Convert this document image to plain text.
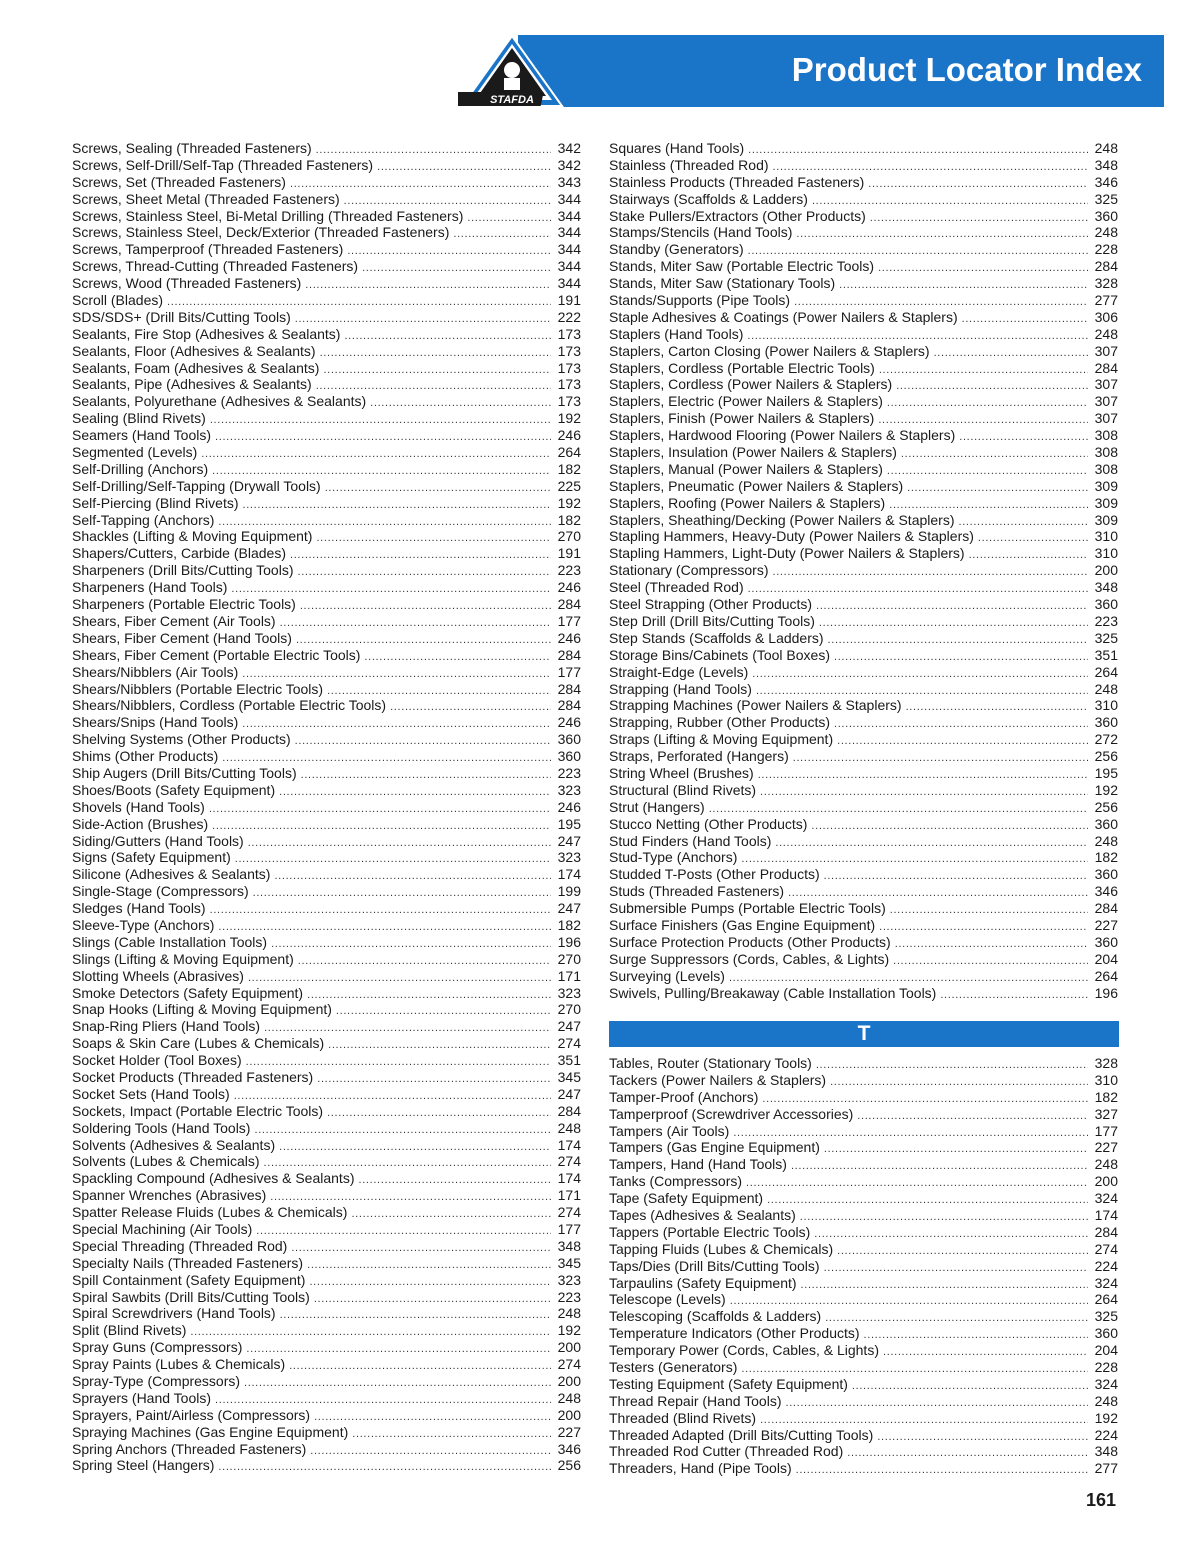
Product Locator Index
STAFDA
Screws, Sealing (Threaded Fasteners) . . .	342
Screws, Self-Drill/Self-Tap (Threaded Fasteners) . . .	342
Screws, Set (Threaded Fasteners) . . .	343
Screws, Sheet Metal (Threaded Fasteners) . . .	344
Screws, Stainless Steel, Bi-Metal Drilling (Threaded Fasteners) . . .	344
Screws, Stainless Steel, Deck/Exterior (Threaded Fasteners) . . .	344
Screws, Tamperproof (Threaded Fasteners) . . .	344
Screws, Thread-Cutting (Threaded Fasteners) . . .	344
Screws, Wood (Threaded Fasteners) . . .	344
Scroll (Blades) . . .	191
SDS/SDS+ (Drill Bits/Cutting Tools) . . .	222
Sealants, Fire Stop (Adhesives & Sealants) . . .	173
Sealants, Floor (Adhesives & Sealants) . . .	173
Sealants, Foam (Adhesives & Sealants) . . .	173
Sealants, Pipe (Adhesives & Sealants) . . .	173
Sealants, Polyurethane (Adhesives & Sealants) . . .	173
Sealing (Blind Rivets) . . .	192
Seamers (Hand Tools) . . .	246
Segmented (Levels) . . .	264
Self-Drilling (Anchors) . . .	182
Self-Drilling/Self-Tapping (Drywall Tools) . . .	225
Self-Piercing (Blind Rivets) . . .	192
Self-Tapping (Anchors) . . .	182
Shackles (Lifting & Moving Equipment) . . .	270
Shapers/Cutters, Carbide (Blades) . . .	191
Sharpeners (Drill Bits/Cutting Tools) . . .	223
Sharpeners (Hand Tools) . . .	246
Sharpeners (Portable Electric Tools) . . .	284
Shears, Fiber Cement (Air Tools) . . .	177
Shears, Fiber Cement (Hand Tools) . . .	246
Shears, Fiber Cement (Portable Electric Tools) . . .	284
Shears/Nibblers (Air Tools) . . .	177
Shears/Nibblers (Portable Electric Tools) . . .	284
Shears/Nibblers, Cordless (Portable Electric Tools) . . .	284
Shears/Snips (Hand Tools) . . .	246
Shelving Systems (Other Products) . . .	360
Shims (Other Products) . . .	360
Ship Augers (Drill Bits/Cutting Tools) . . .	223
Shoes/Boots (Safety Equipment) . . .	323
Shovels (Hand Tools) . . .	246
Side-Action (Brushes) . . .	195
Siding/Gutters (Hand Tools) . . .	247
Signs (Safety Equipment) . . .	323
Silicone (Adhesives & Sealants) . . .	174
Single-Stage (Compressors) . . .	199
Sledges (Hand Tools) . . .	247
Sleeve-Type (Anchors) . . .	182
Slings (Cable Installation Tools) . . .	196
Slings (Lifting & Moving Equipment) . . .	270
Slotting Wheels (Abrasives) . . .	171
Smoke Detectors (Safety Equipment) . . .	323
Snap Hooks (Lifting & Moving Equipment) . . .	270
Snap-Ring Pliers (Hand Tools) . . .	247
Soaps & Skin Care (Lubes & Chemicals) . . .	274
Socket Holder (Tool Boxes) . . .	351
Socket Products (Threaded Fasteners) . . .	345
Socket Sets (Hand Tools) . . .	247
Sockets, Impact (Portable Electric Tools) . . .	284
Soldering Tools (Hand Tools) . . .	248
Solvents (Adhesives & Sealants) . . .	174
Solvents (Lubes & Chemicals) . . .	274
Spackling Compound (Adhesives & Sealants) . . .	174
Spanner Wrenches (Abrasives) . . .	171
Spatter Release Fluids (Lubes & Chemicals) . . .	274
Special Machining (Air Tools) . . .	177
Special Threading (Threaded Rod) . . .	348
Specialty Nails (Threaded Fasteners) . . .	345
Spill Containment (Safety Equipment) . . .	323
Spiral Sawbits (Drill Bits/Cutting Tools) . . .	223
Spiral Screwdrivers (Hand Tools) . . .	248
Split (Blind Rivets) . . .	192
Spray Guns (Compressors) . . .	200
Spray Paints (Lubes & Chemicals) . . .	274
Spray-Type (Compressors) . . .	200
Sprayers (Hand Tools) . . .	248
Sprayers, Paint/Airless (Compressors) . . .	200
Spraying Machines (Gas Engine Equipment) . . .	227
Spring Anchors (Threaded Fasteners) . . .	346
Spring Steel (Hangers) . . .	256
Squares (Hand Tools) . . .	248
Stainless (Threaded Rod) . . .	348
Stainless Products (Threaded Fasteners) . . .	346
Stairways (Scaffolds & Ladders) . . .	325
Stake Pullers/Extractors (Other Products) . . .	360
Stamps/Stencils (Hand Tools) . . .	248
Standby (Generators) . . .	228
Stands, Miter Saw (Portable Electric Tools) . . .	284
Stands, Miter Saw (Stationary Tools) . . .	328
Stands/Supports (Pipe Tools) . . .	277
Staple Adhesives & Coatings (Power Nailers & Staplers) . . .	306
Staplers (Hand Tools) . . .	248
Staplers, Carton Closing (Power Nailers & Staplers) . . .	307
Staplers, Cordless (Portable Electric Tools) . . .	284
Staplers, Cordless (Power Nailers & Staplers) . . .	307
Staplers, Electric (Power Nailers & Staplers) . . .	307
Staplers, Finish (Power Nailers & Staplers) . . .	307
Staplers, Hardwood Flooring (Power Nailers & Staplers) . . .	308
Staplers, Insulation (Power Nailers & Staplers) . . .	308
Staplers, Manual (Power Nailers & Staplers) . . .	308
Staplers, Pneumatic (Power Nailers & Staplers) . . .	309
Staplers, Roofing (Power Nailers & Staplers) . . .	309
Staplers, Sheathing/Decking (Power Nailers & Staplers) . . .	309
Stapling Hammers, Heavy-Duty (Power Nailers & Staplers) . . .	310
Stapling Hammers, Light-Duty (Power Nailers & Staplers) . . .	310
Stationary (Compressors) . . .	200
Steel (Threaded Rod) . . .	348
Steel Strapping (Other Products) . . .	360
Step Drill (Drill Bits/Cutting Tools) . . .	223
Step Stands (Scaffolds & Ladders) . . .	325
Storage Bins/Cabinets (Tool Boxes) . . .	351
Straight-Edge (Levels) . . .	264
Strapping (Hand Tools) . . .	248
Strapping Machines (Power Nailers & Staplers) . . .	310
Strapping, Rubber (Other Products) . . .	360
Straps (Lifting & Moving Equipment) . . .	272
Straps, Perforated (Hangers) . . .	256
String Wheel (Brushes) . . .	195
Structural (Blind Rivets) . . .	192
Strut (Hangers) . . .	256
Stucco Netting (Other Products) . . .	360
Stud Finders (Hand Tools) . . .	248
Stud-Type (Anchors) . . .	182
Studded T-Posts (Other Products) . . .	360
Studs (Threaded Fasteners) . . .	346
Submersible Pumps (Portable Electric Tools) . . .	284
Surface Finishers (Gas Engine Equipment) . . .	227
Surface Protection Products (Other Products) . . .	360
Surge Suppressors (Cords, Cables, & Lights) . . .	204
Surveying (Levels) . . .	264
Swivels, Pulling/Breakaway (Cable Installation Tools) . . .	196
T
Tables, Router (Stationary Tools) . . .	328
Tackers (Power Nailers & Staplers) . . .	310
Tamper-Proof (Anchors) . . .	182
Tamperproof (Screwdriver Accessories) . . .	327
Tampers (Air Tools) . . .	177
Tampers (Gas Engine Equipment) . . .	227
Tampers, Hand (Hand Tools) . . .	248
Tanks (Compressors) . . .	200
Tape (Safety Equipment) . . .	324
Tapes (Adhesives & Sealants) . . .	174
Tappers (Portable Electric Tools) . . .	284
Tapping Fluids (Lubes & Chemicals) . . .	274
Taps/Dies (Drill Bits/Cutting Tools) . . .	224
Tarpaulins (Safety Equipment) . . .	324
Telescope (Levels) . . .	264
Telescoping (Scaffolds & Ladders) . . .	325
Temperature Indicators (Other Products) . . .	360
Temporary Power (Cords, Cables, & Lights) . . .	204
Testers (Generators) . . .	228
Testing Equipment (Safety Equipment) . . .	324
Thread Repair (Hand Tools) . . .	248
Threaded (Blind Rivets) . . .	192
Threaded Adapted (Drill Bits/Cutting Tools) . . .	224
Threaded Rod Cutter (Threaded Rod) . . .	348
Threaders, Hand (Pipe Tools) . . .	277
161
